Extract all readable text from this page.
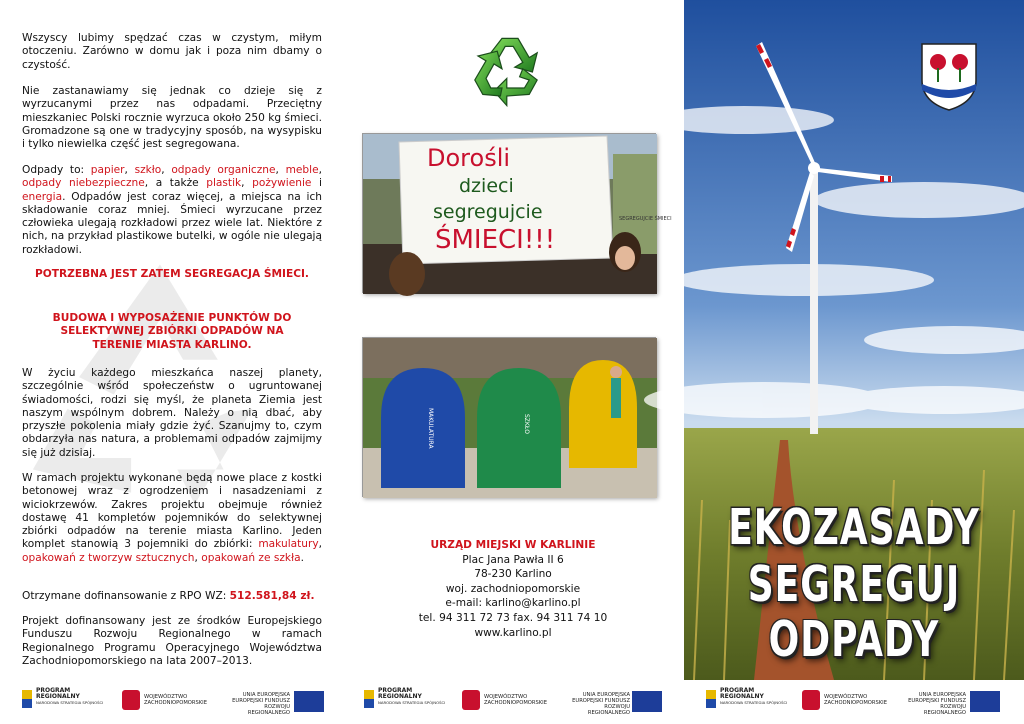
Wszyscy lubimy spędzać czas w czystym, miłym otoczeniu. Zarówno w domu jak i poza nim dbamy o czystość.

Nie zastanawiamy się jednak co dzieje się z wyrzucanymi przez nas odpadami. Przeciętny mieszkaniec Polski rocznie wyrzuca około 250 kg śmieci. Gromadzone są one w tradycyjny sposób, na wysypisku i tylko niewielka część jest segregowana.

Odpady to: papier, szkło, odpady organiczne, meble, odpady niebezpieczne, a także plastik, pożywienie i energia. Odpadów jest coraz więcej, a miejsca na ich składowanie coraz mniej. Śmieci wyrzucane przez człowieka ulegają rozkładowi przez wiele lat. Niektóre z nich, na przykład plastikowe butelki, w ogóle nie ulegają rozkładowi.

POTRZEBNA JEST ZATEM SEGREGACJA ŚMIECI.

BUDOWA I WYPOSAŻENIE PUNKTÓW DO SELEKTYWNEJ ZBIÓRKI ODPADÓW NA TERENIE MIASTA KARLINO.

W życiu każdego mieszkańca naszej planety, szczególnie wśród społeczeństw o ugruntowanej świadomości, rodzi się myśl, że planeta Ziemia jest naszym wspólnym dobrem. Należy o nią dbać, aby przyszłe pokolenia miały gdzie żyć. Szanujmy to, czym obdarzyła nas natura, a problemami odpadów zajmijmy się już dzisiaj.

W ramach projektu wykonane będą nowe place z kostki betonowej wraz z ogrodzeniem i nasadzeniami z wiciokrzewów. Zakres projektu obejmuje również dostawę 41 kompletów pojemników do selektywnej zbiórki odpadów na terenie miasta Karlino. Jeden komplet stanowią 3 pojemniki do zbiórki: makulatury, opakowań z tworzyw sztucznych, opakowań ze szkła.

Otrzymane dofinansowanie z RPO WZ: 512.581,84 zł.

Projekt dofinansowany jest ze środków Europejskiego Funduszu Rozwoju Regionalnego w ramach Regionalnego Programu Operacyjnego Województwa Zachodniopomorskiego na lata 2007–2013.

Dorośli
dzieci
segregujcie
ŚMIECI!!!
SEGREGUJCIE ŚMIECI
MAKULATURA	SZKŁO
URZĄD MIEJSKI W KARLINIE
Plac Jana Pawła II 6
78-230 Karlino
woj. zachodniopomorskie
e-mail: karlino@karlino.pl
tel. 94 311 72 73 fax. 94 311 74 10
www.karlino.pl
EKOZASADY
SEGREGUJ ODPADY
PROGRAM
REGIONALNY
NARODOWA STRATEGIA SPÓJNOŚCI
WOJEWÓDZTWO
ZACHODNIOPOMORSKIE
UNIA EUROPEJSKA
EUROPEJSKI FUNDUSZ
ROZWOJU REGIONALNEGO
PROGRAM
REGIONALNY
NARODOWA STRATEGIA SPÓJNOŚCI
WOJEWÓDZTWO
ZACHODNIOPOMORSKIE
UNIA EUROPEJSKA
EUROPEJSKI FUNDUSZ
ROZWOJU REGIONALNEGO
PROGRAM
REGIONALNY
NARODOWA STRATEGIA SPÓJNOŚCI
WOJEWÓDZTWO
ZACHODNIOPOMORSKIE
UNIA EUROPEJSKA
EUROPEJSKI FUNDUSZ
ROZWOJU REGIONALNEGO
